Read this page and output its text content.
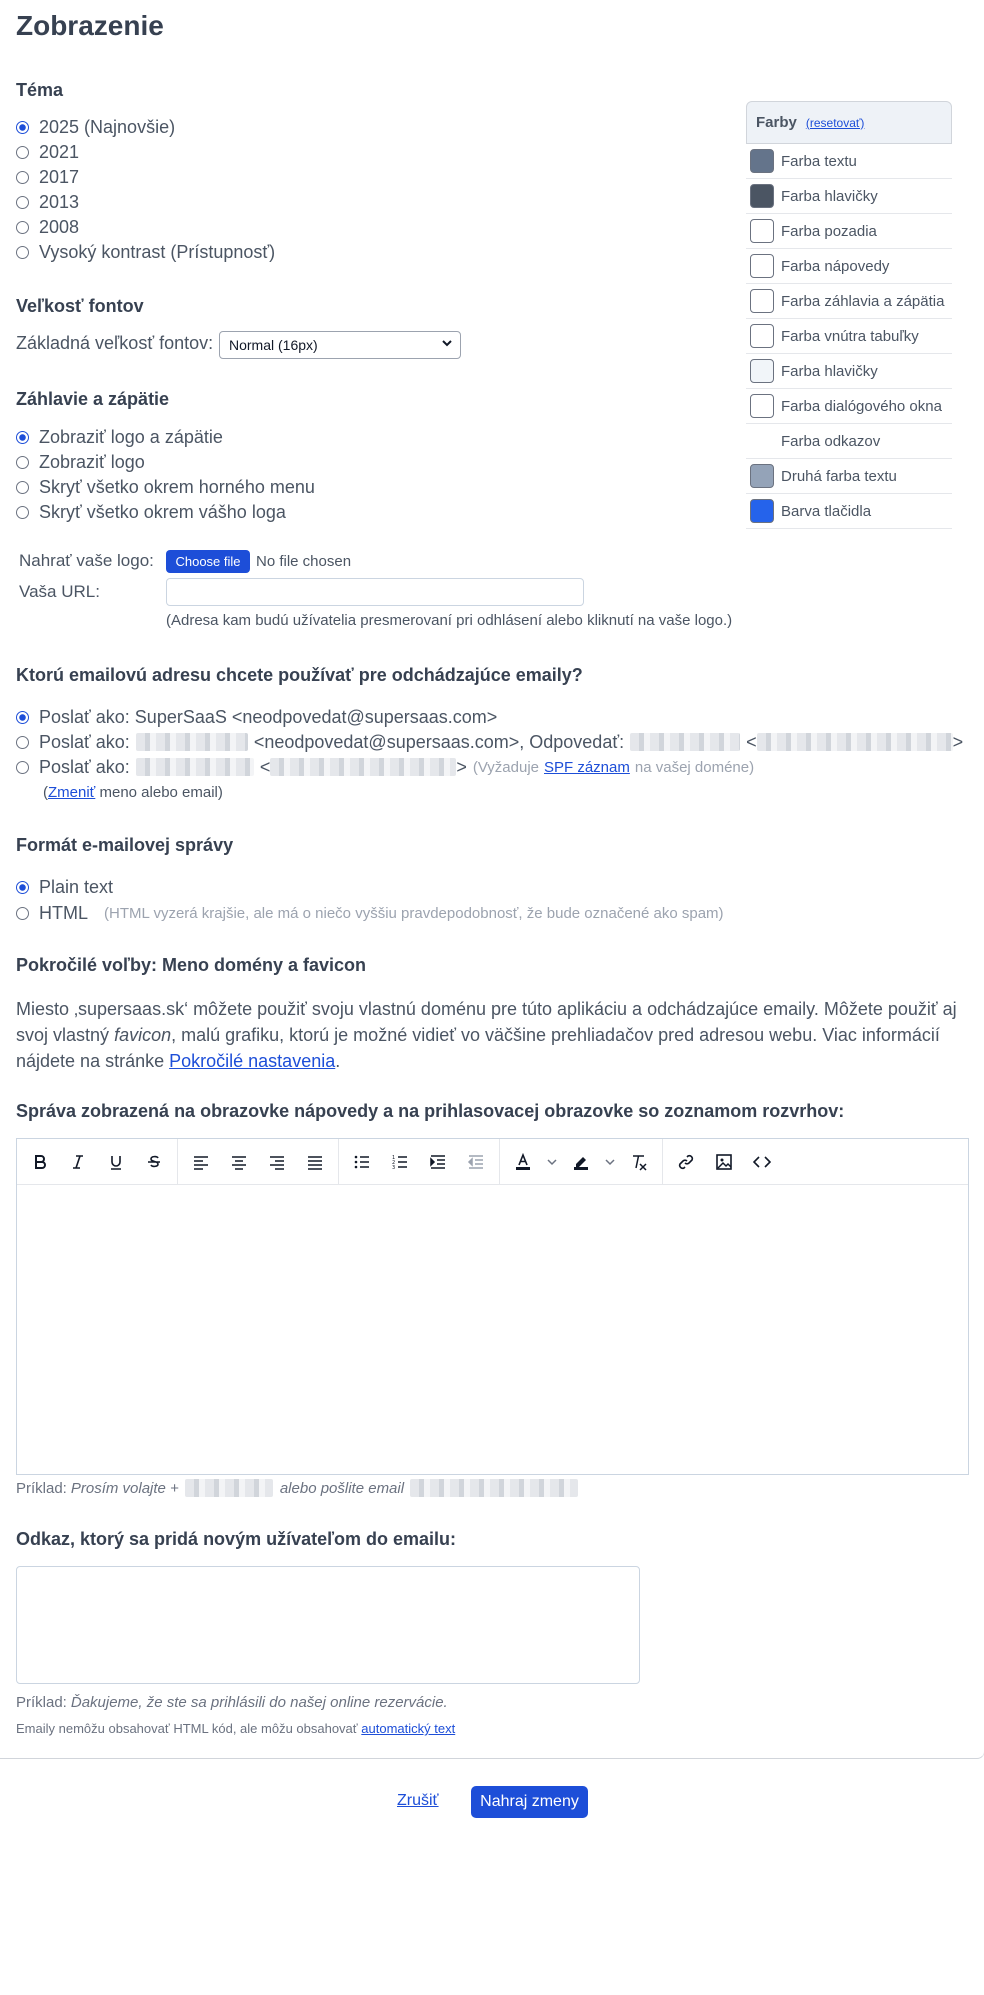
Zobrazenie
Téma
2025 (Najnovšie)
2021
2017
2013
2008
Vysoký kontrast (Prístupnosť)
Farby (resetovať)
Farba textu
Farba hlavičky
Farba pozadia
Farba nápovedy
Farba záhlavia a zápätia
Farba vnútra tabuľky
Farba hlavičky
Farba dialógového okna
Farba odkazov
Druhá farba textu
Barva tlačidla
Veľkosť fontov
Základná veľkosť fontov: Normal (16px)
Záhlavie a zápätie
Zobraziť logo a zápätie
Zobraziť logo
Skryť všetko okrem horného menu
Skryť všetko okrem vášho loga
Nahrať vaše logo:	Choose file	No file chosen
Vaša URL:
(Adresa kam budú užívatelia presmerovaní pri odhlásení alebo kliknutí na vaše logo.)
Ktorú emailovú adresu chcete používať pre odchádzajúce emaily?
Poslať ako: SuperSaaS <neodpovedat@supersaas.com>
Poslať ako:	<neodpovedat@supersaas.com>, Odpovedať:	<	>
Poslať ako:	<	> (Vyžaduje SPF záznam na vašej doméne)
(Zmeniť meno alebo email)
Formát e-mailovej správy
Plain text
HTML (HTML vyzerá krajšie, ale má o niečo vyššiu pravdepodobnosť, že bude označené ako spam)
Pokročilé voľby: Meno domény a favicon

Miesto ‚supersaas.sk‘ môžete použiť svoju vlastnú doménu pre túto aplikáciu a odchádzajúce emaily. Môžete použiť aj svoj vlastný favicon, malú grafiku, ktorú je možné vidieť vo väčšine prehliadačov pred adresou webu. Viac informácií nájdete na stránke Pokročilé nastavenia.

Správa zobrazená na obrazovke nápovedy a na prihlasovacej obrazovke so zoznamom rozvrhov:
1
2
3
Príklad: Prosím volajte +	alebo pošlite email
Odkaz, ktorý sa pridá novým užívateľom do emailu:
Príklad: Ďakujeme, že ste sa prihlásili do našej online rezervácie.
Emaily nemôžu obsahovať HTML kód, ale môžu obsahovať automatický text
Zrušiť	Nahraj zmeny
